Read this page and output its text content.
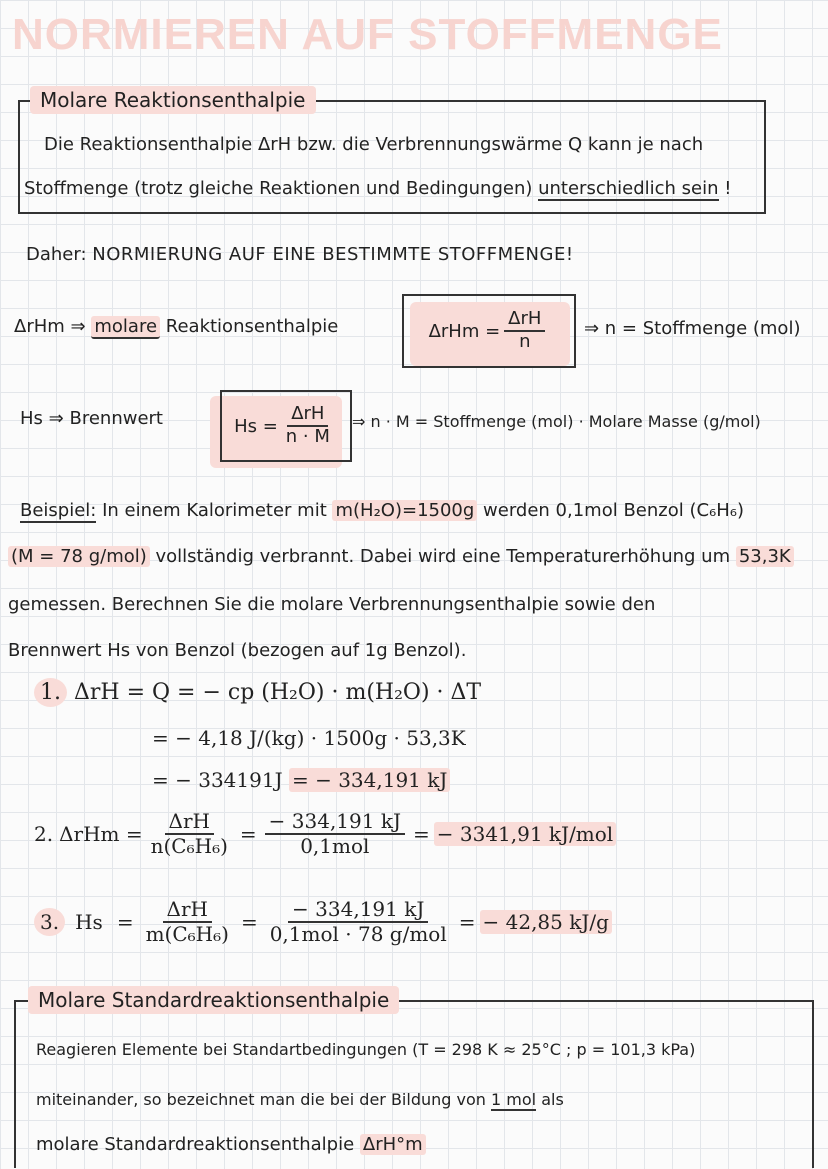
NORMIEREN AUF STOFFMENGE
Molare Reaktionsenthalpie
Die Reaktionsenthalpie ΔrH bzw. die Verbrennungswärme Q kann je nach
Stoffmenge (trotz gleiche Reaktionen und Bedingungen) unterschiedlich sein !
Daher: NORMIERUNG AUF EINE BESTIMMTE STOFFMENGE!
ΔrHm ⇒ molare Reaktionsenthalpie	$\Delta rHm = \frac{\text{ΔrH}}{n}$ ⇒ n = Stoffmenge (mol)
Hs ⇒ Brennwert	$Hs = \frac{\text{ΔrH}}{n \cdot M}$ ⇒ n · M = Stoffmenge (mol) · Molare Masse (g/mol)
Beispiel: In einem Kalorimeter mit m(H₂O)=1500g werden 0,1mol Benzol (C₆H₆)
(M = 78 g/mol) vollständig verbrannt. Dabei wird eine Temperaturerhöhung um 53,3K
gemessen. Berechnen Sie die molare Verbrennungsenthalpie sowie den
Brennwert Hs von Benzol (bezogen auf 1g Benzol).
1. ΔrH = Q = − cp (H₂O) · m(H₂O) · ΔT
= − 4,18 J/(kg) · 1500g · 53,3K
= − 334191J = − 334,191 kJ
2. $\Delta rHm = \frac{\text{ΔrH}}{\text{n(C₆H₆)}} = \frac{- 334,191 kJ}{\text{0,1mol}}$ = − 3341,91 kJ/mol
3. $Hs = \frac{\text{ΔrH}}{\text{m(C₆H₆)}} = \frac{- 334,191 kJ}{\text{0,1mol · 78 g/mol}}$ = − 42,85 kJ/g
Molare Standardreaktionsenthalpie
Reagieren Elemente bei Standartbedingungen (T = 298 K ≈ 25°C ; p = 101,3 kPa)
miteinander, so bezeichnet man die bei der Bildung von 1 mol als
molare Standardreaktionsenthalpie ΔrH°m
